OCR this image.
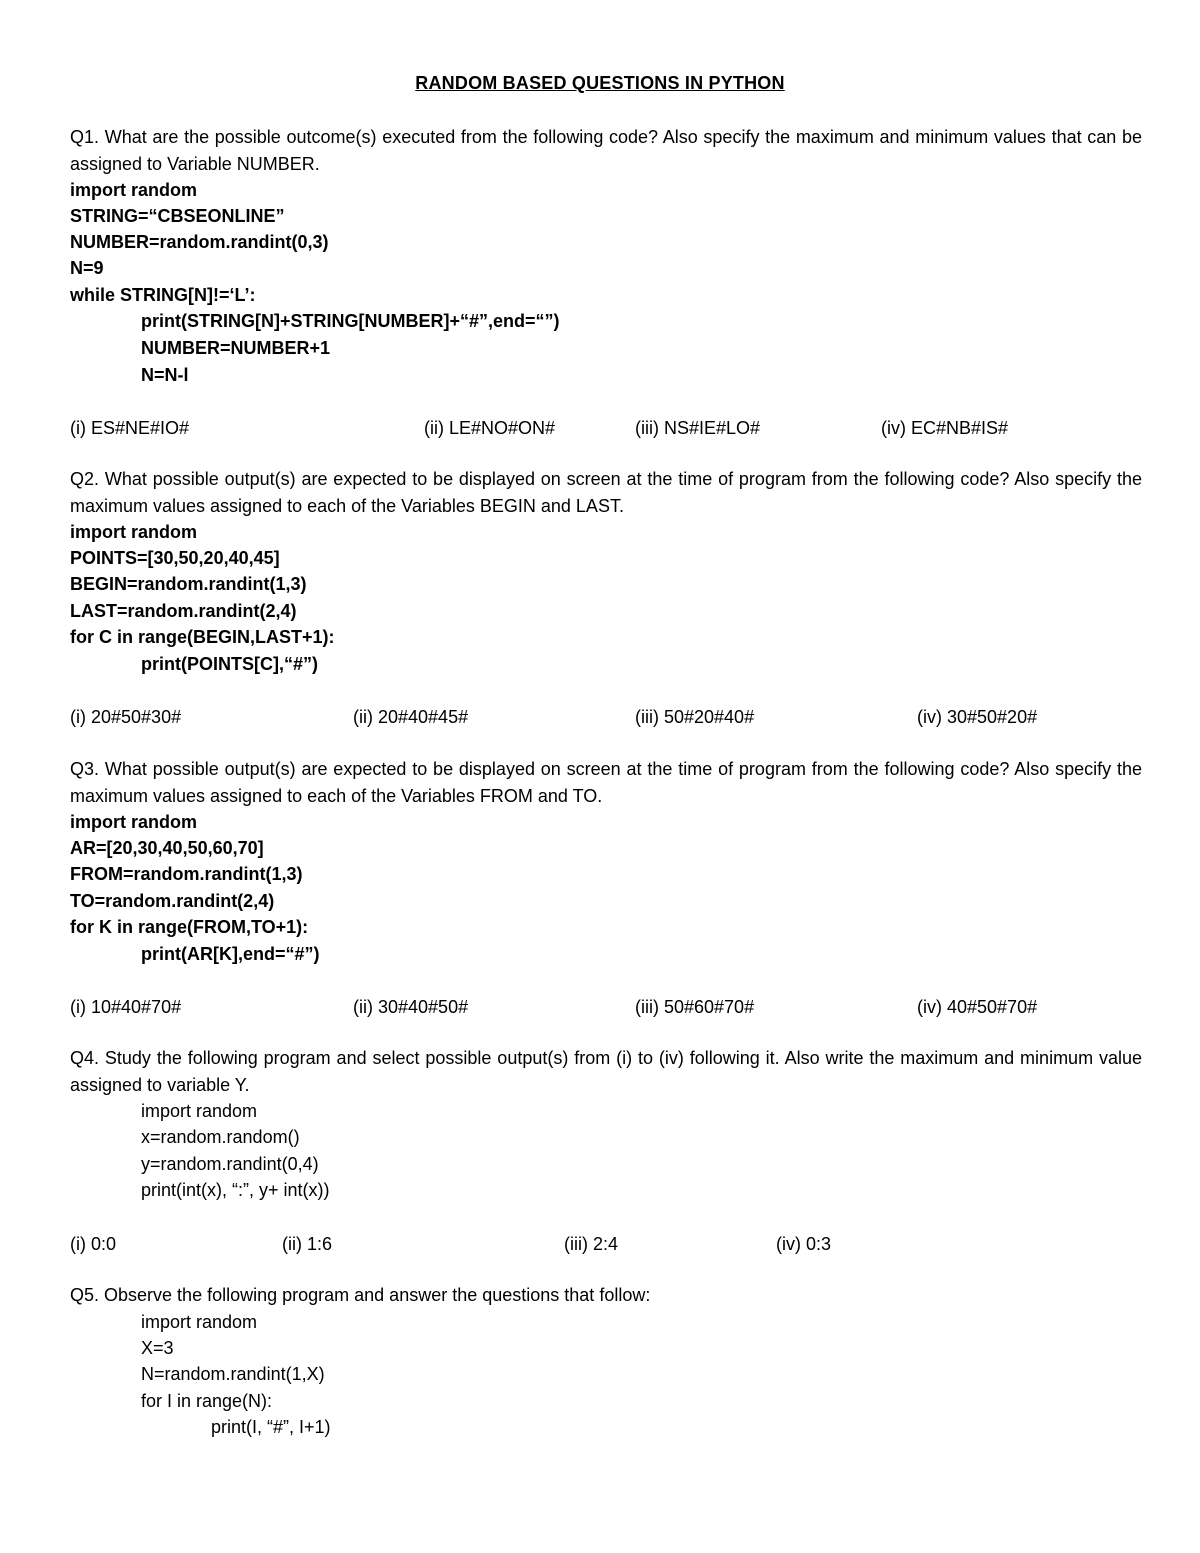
RANDOM BASED QUESTIONS IN PYTHON
Q1. What are the possible outcome(s) executed from the following code? Also specify the maximum and minimum values that can be assigned to Variable NUMBER.
import random
STRING=“CBSEONLINE”
NUMBER=random.randint(0,3)
N=9
while STRING[N]!=‘L’:
print(STRING[N]+STRING[NUMBER]+“#”,end=“”)
NUMBER=NUMBER+1
N=N-l
(i) ES#NE#IO#	(ii) LE#NO#ON#	(iii) NS#IE#LO#	(iv) EC#NB#IS#
Q2. What possible output(s) are expected to be displayed on screen at the time of program from the following code? Also specify the maximum values assigned to each of the Variables BEGIN and LAST.
import random
POINTS=[30,50,20,40,45]
BEGIN=random.randint(1,3)
LAST=random.randint(2,4)
for C in range(BEGIN,LAST+1):
print(POINTS[C],“#”)
(i) 20#50#30#	(ii) 20#40#45#	(iii) 50#20#40#	(iv) 30#50#20#
Q3. What possible output(s) are expected to be displayed on screen at the time of program from the following code? Also specify the maximum values assigned to each of the Variables FROM and TO.
import random
AR=[20,30,40,50,60,70]
FROM=random.randint(1,3)
TO=random.randint(2,4)
for K in range(FROM,TO+1):
print(AR[K],end=“#”)
(i) 10#40#70#	(ii) 30#40#50#	(iii) 50#60#70#	(iv) 40#50#70#
Q4. Study the following program and select possible output(s) from (i) to (iv) following it. Also write the maximum and minimum value assigned to variable Y.
import random
x=random.random()
y=random.randint(0,4)
print(int(x), “:”, y+ int(x))
(i) 0:0	(ii) 1:6	(iii) 2:4	(iv) 0:3
Q5. Observe the following program and answer the questions that follow:
import random
X=3
N=random.randint(1,X)
for I in range(N):
print(I, “#”, I+1)
